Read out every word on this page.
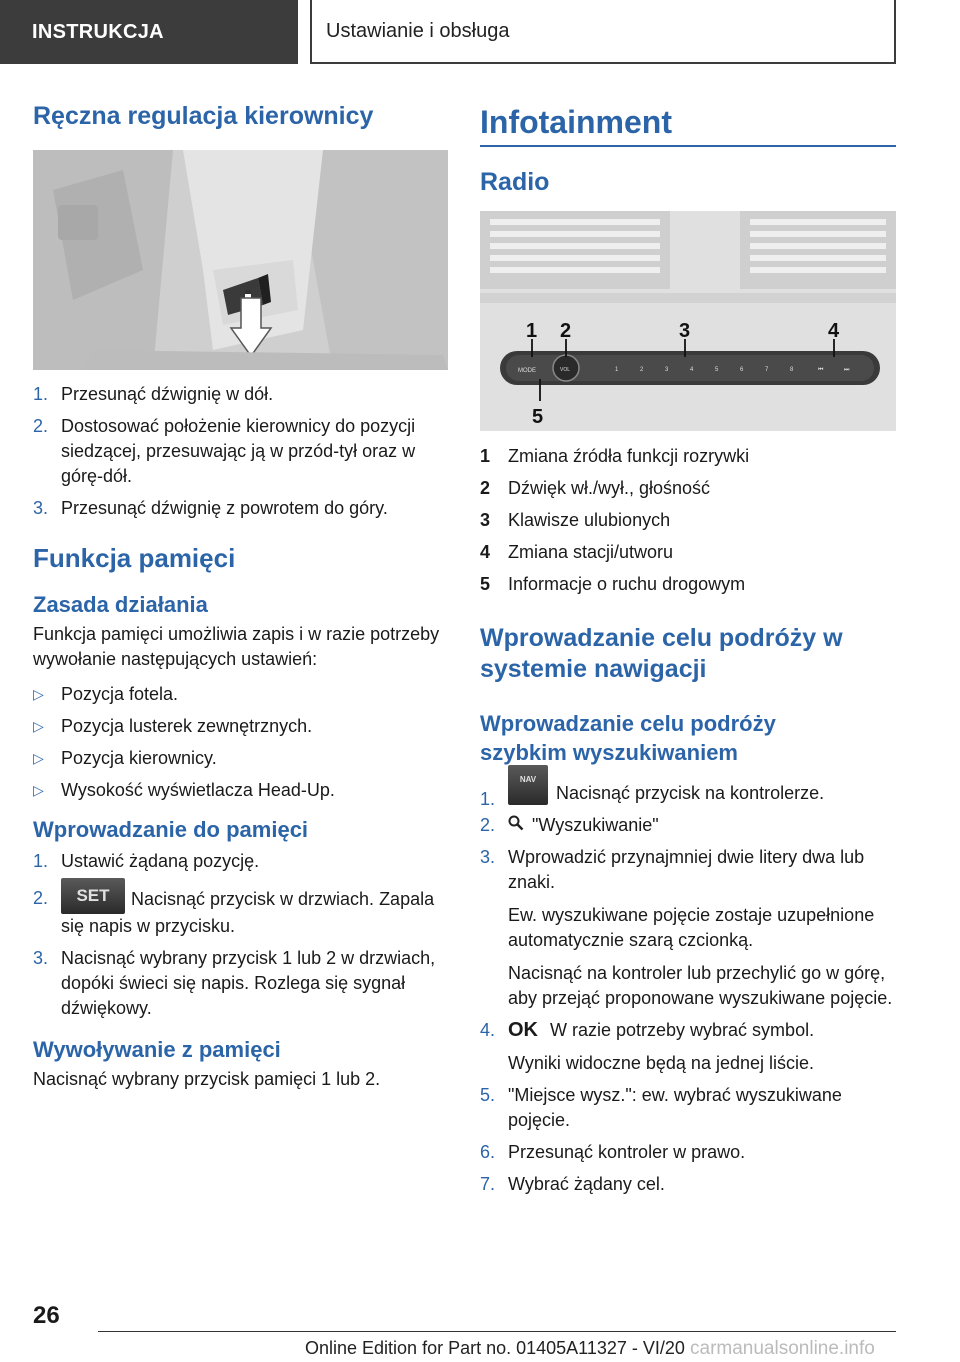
INSTRUKCJA	Ustawianie i obsługa
Ręczna regulacja kierownicy
1. Przesunąć dźwignię w dół.
2. Dostosować położenie kierownicy do pozycji siedzącej, przesuwając ją w przód‑tył oraz w górę‑dół.
3. Przesunąć dźwignię z powrotem do góry.
Funkcja pamięci
Zasada działania
Funkcja pamięci umożliwia zapis i w razie potrzeby wywołanie następujących ustawień:
▷ Pozycja fotela.
▷ Pozycja lusterek zewnętrznych.
▷ Pozycja kierownicy.
▷ Wysokość wyświetlacza Head‑Up.
Wprowadzanie do pamięci
1. Ustawić żądaną pozycję.
2. SET Nacisnąć przycisk w drzwiach. Zapala się napis w przycisku.
3. Nacisnąć wybrany przycisk 1 lub 2 w drzwiach, dopóki świeci się napis. Rozlega się sygnał dźwiękowy.
Wywoływanie z pamięci
Nacisnąć wybrany przycisk pamięci 1 lub 2.
Infotainment
Radio
MODE	VOL	1	2	3	4	5	6	7	8	⏮	⏭
1 2	3	4
5
1 Zmiana źródła funkcji rozrywki
2 Dźwięk wł./wył., głośność
3 Klawisze ulubionych
4 Zmiana stacji/utworu
5 Informacje o ruchu drogowym
Wprowadzanie celu podróży w systemie nawigacji
Wprowadzanie celu podróży szybkim wyszukiwaniem
1.
NAVNacisnąć przycisk na kontrolerze.
2. "Wyszukiwanie"
3. Wprowadzić przynajmniej dwie litery dwa lub znaki.
Ew. wyszukiwane pojęcie zostaje uzupełnione automatycznie szarą czcionką.
Nacisnąć na kontroler lub przechylić go w górę, aby przejąć proponowane wyszukiwane pojęcie.
4. OK W razie potrzeby wybrać symbol.
Wyniki widoczne będą na jednej liście.
5. "Miejsce wysz.": ew. wybrać wyszukiwane pojęcie.
6. Przesunąć kontroler w prawo.
7. Wybrać żądany cel.
26
Online Edition for Part no. 01405A11327 - VI/20 carmanualsonline.info
